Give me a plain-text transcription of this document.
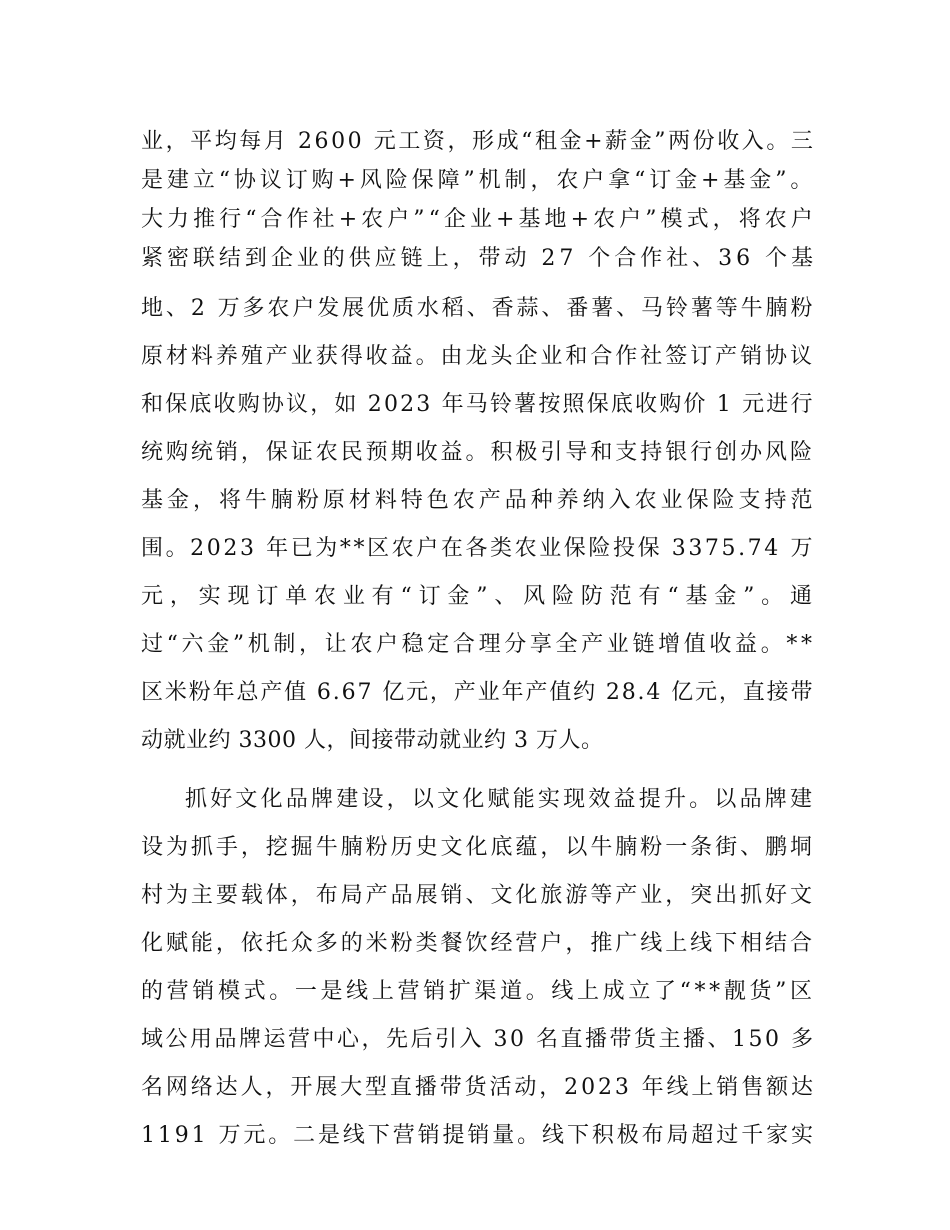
业，平均每月 2600 元工资，形成“租金+薪金”两份收入。三
是建立“协议订购+风险保障”机制，农户拿“订金+基金”。
大力推行“合作社+农户”“企业+基地+农户”模式，将农户
紧密联结到企业的供应链上，带动 27 个合作社、36 个基
地、2 万多农户发展优质水稻、香蒜、番薯、马铃薯等牛腩粉
原材料养殖产业获得收益。由龙头企业和合作社签订产销协议
和保底收购协议，如 2023 年马铃薯按照保底收购价 1 元进行
统购统销，保证农民预期收益。积极引导和支持银行创办风险
基金，将牛腩粉原材料特色农产品种养纳入农业保险支持范
围。2023 年已为**区农户在各类农业保险投保 3375.74 万
元，实现订单农业有“订金”、风险防范有“基金”。通
过“六金”机制，让农户稳定合理分享全产业链增值收益。**
区米粉年总产值 6.67 亿元，产业年产值约 28.4 亿元，直接带
动就业约 3300 人，间接带动就业约 3 万人。
抓好文化品牌建设，以文化赋能实现效益提升。以品牌建
设为抓手，挖掘牛腩粉历史文化底蕴，以牛腩粉一条街、鹏垌
村为主要载体，布局产品展销、文化旅游等产业，突出抓好文
化赋能，依托众多的米粉类餐饮经营户，推广线上线下相结合
的营销模式。一是线上营销扩渠道。线上成立了“**靓货”区
域公用品牌运营中心，先后引入 30 名直播带货主播、150 多
名网络达人，开展大型直播带货活动，2023 年线上销售额达
1191 万元。二是线下营销提销量。线下积极布局超过千家实
